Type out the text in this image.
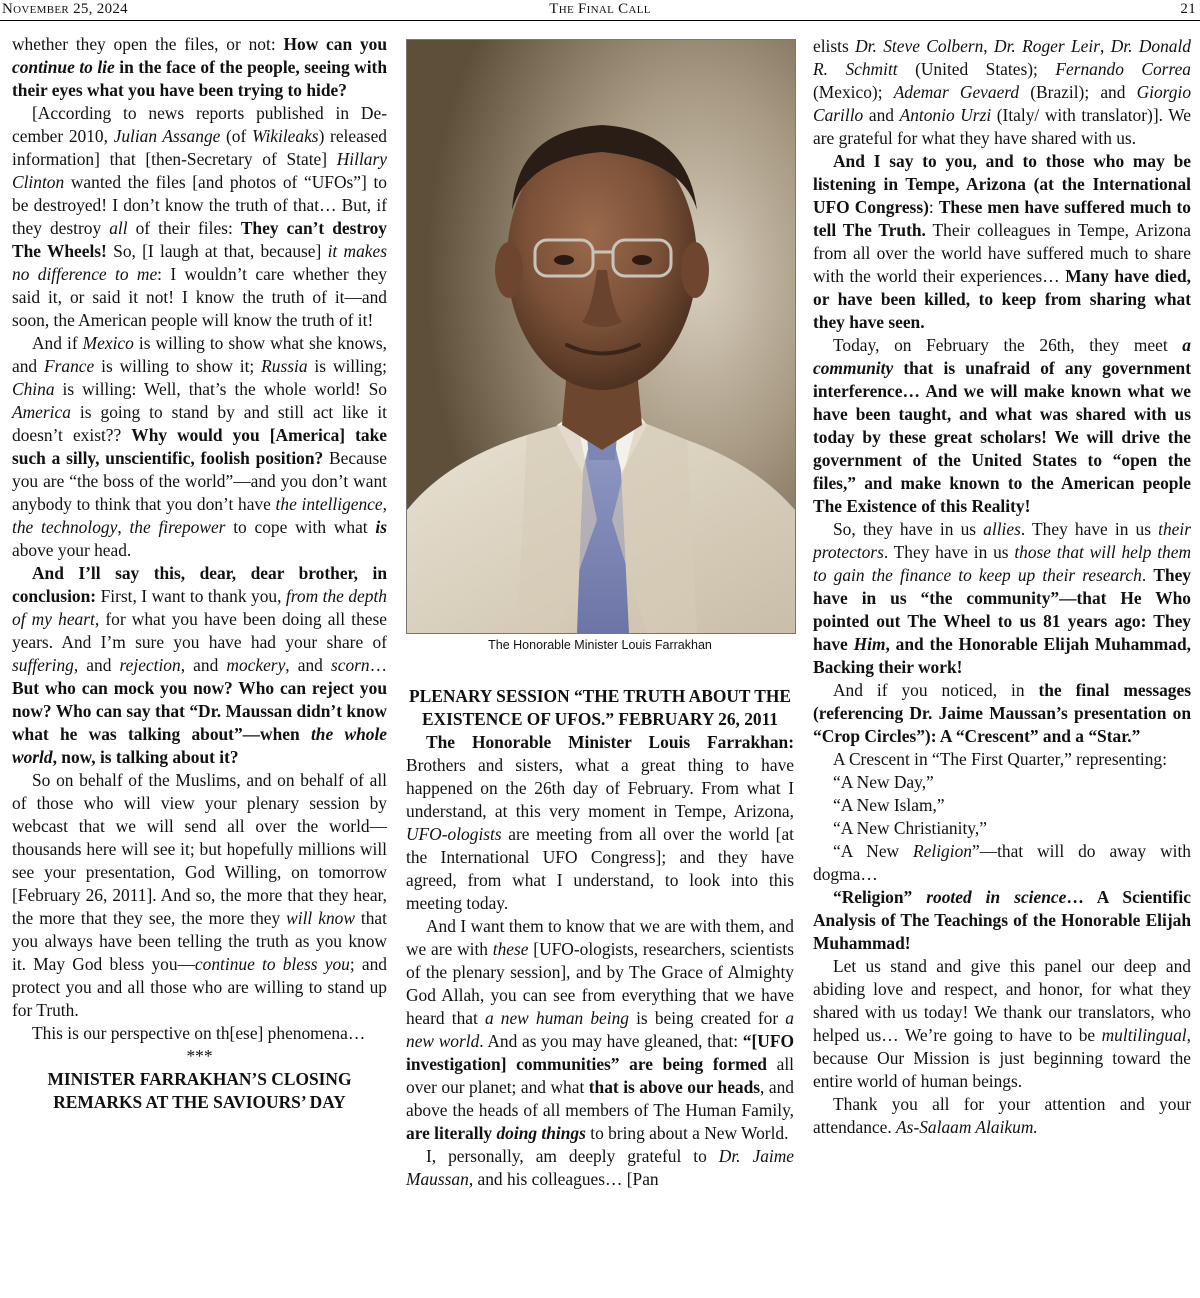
November 25, 2024	The Final Call	21

whether they open the files, or not: How can you continue to lie in the face of the people, seeing with their eyes what you have been trying to hide?

[According to news reports published in December 2010, Julian Assange (of Wikileaks) released information] that [then-Secretary of State] Hillary Clinton wanted the files [and photos of “UFOs”] to be destroyed! I don’t know the truth of that… But, if they destroy all of their files: They can’t destroy The Wheels! So, [I laugh at that, because] it makes no difference to me: I wouldn’t care whether they said it, or said it not! I know the truth of it—and soon, the American people will know the truth of it!

And if Mexico is willing to show what she knows, and France is willing to show it; Russia is willing; China is willing: Well, that’s the whole world! So America is going to stand by and still act like it doesn’t exist?? Why would you [America] take such a silly, unscientific, foolish position? Because you are “the boss of the world”—and you don’t want anybody to think that you don’t have the intelligence, the technology, the firepower to cope with what is above your head.

And I’ll say this, dear, dear brother, in conclusion: First, I want to thank you, from the depth of my heart, for what you have been doing all these years. And I’m sure you have had your share of suffering, and rejection, and mockery, and scorn… But who can mock you now? Who can reject you now? Who can say that “Dr. Maussan didn’t know what he was talking about”—when the whole world, now, is talking about it?

So on behalf of the Muslims, and on behalf of all of those who will view your plenary session by webcast that we will send all over the world—thousands here will see it; but hopefully millions will see your presentation, God Willing, on tomorrow [February 26, 2011]. And so, the more that they hear, the more that they see, the more they will know that you always have been telling the truth as you know it. May God bless you—continue to bless you; and protect you and all those who are willing to stand up for Truth.

This is our perspective on th[ese] phenomena…

***

MINISTER FARRAKHAN’S CLOSING REMARKS AT THE SAVIOURS’ DAY

The Honorable Minister Louis Farrakhan

PLENARY SESSION “THE TRUTH ABOUT THE EXISTENCE OF UFOS.” FEBRUARY 26, 2011

The Honorable Minister Louis Farrakhan: Brothers and sisters, what a great thing to have happened on the 26th day of February. From what I understand, at this very moment in Tempe, Arizona, UFO-ologists are meeting from all over the world [at the International UFO Congress]; and they have agreed, from what I understand, to look into this meeting today.

And I want them to know that we are with them, and we are with these [UFO-ologists, researchers, scientists of the plenary session], and by The Grace of Almighty God Allah, you can see from everything that we have heard that a new human being is being created for a new world. And as you may have gleaned, that: “[UFO investigation] communities” are being formed all over our planet; and what that is above our heads, and above the heads of all members of The Human Family, are literally doing things to bring about a New World.

I, personally, am deeply grateful to Dr. Jaime Maussan, and his colleagues… [Pan

elists Dr. Steve Colbern, Dr. Roger Leir, Dr. Donald R. Schmitt (United States); Fernando Correa (Mexico); Ademar Gevaerd (Brazil); and Giorgio Carillo and Antonio Urzi (Italy/ with translator)]. We are grateful for what they have shared with us.

And I say to you, and to those who may be listening in Tempe, Arizona (at the International UFO Congress): These men have suffered much to tell The Truth. Their colleagues in Tempe, Arizona from all over the world have suffered much to share with the world their experiences… Many have died, or have been killed, to keep from sharing what they have seen.

Today, on February the 26th, they meet a community that is unafraid of any government interference… And we will make known what we have been taught, and what was shared with us today by these great scholars! We will drive the government of the United States to “open the files,” and make known to the American people The Existence of this Reality!

So, they have in us allies. They have in us their protectors. They have in us those that will help them to gain the finance to keep up their research. They have in us “the community”—that He Who pointed out The Wheel to us 81 years ago: They have Him, and the Honorable Elijah Muhammad, Backing their work!

And if you noticed, in the final messages (referencing Dr. Jaime Maussan’s presentation on “Crop Circles”): A “Crescent” and a “Star.”

A Crescent in “The First Quarter,” representing:

“A New Day,”

“A New Islam,”

“A New Christianity,”

“A New Religion”—that will do away with dogma…

“Religion” rooted in science… A Scientific Analysis of The Teachings of the Honorable Elijah Muhammad!

Let us stand and give this panel our deep and abiding love and respect, and honor, for what they shared with us today! We thank our translators, who helped us… We’re going to have to be multilingual, because Our Mission is just beginning toward the entire world of human beings.

Thank you all for your attention and your attendance. As-Salaam Alaikum.
